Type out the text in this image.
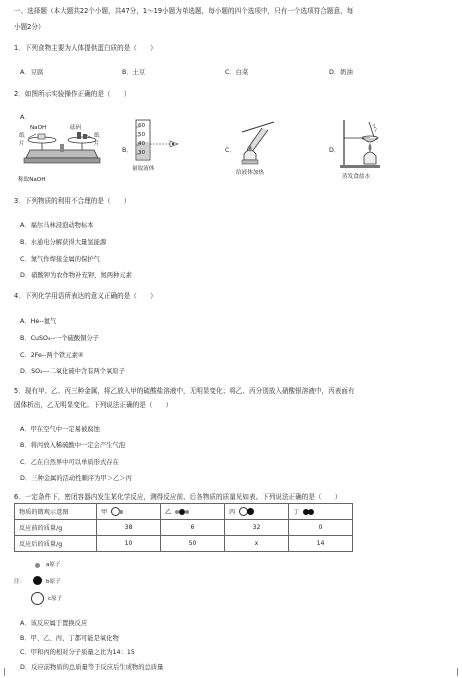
一、选择题（本大题共22个小题，共47分，1～19小题为单选题，每小题的四个选项中，只有一个选项符合题意，每
小题2分）
1．下列食物主要为人体提供蛋白质的是（　　）
A．豆腐	B．土豆	C．白菜	D．奶油
2．如图所示实验操作正确的是（　　）
A．
NaOH
纸
片
砝码
纸
片
称取NaOH
B．
60
50
40
30
量取液体
C．
给液体加热
D．
蒸发食盐水
3．下列物质的利用不合理的是（　　）
A．福尔马林浸泡动物标本
B．水通电分解获得大量氢能源
C．氮气作焊接金属的保护气
D．硝酸钾为农作物补充钾、氮两种元素
4．下列化学用语所表达的意义正确的是（　　）
A．He--氦气
B．CuSO₄--一个硫酸铜分子
C．2Fe--两个铁元素④
D．SO₂---二氧化硫中含有两个氧原子
5．现有甲、乙、丙三种金属，将乙放入甲的硫酸盐溶液中，无明显变化；将乙、丙分别放入硝酸银溶液中，丙表面有
固体析出，乙无明显变化。下列说法正确的是（　　）
A．甲在空气中一定易被腐蚀
B．将丙放入稀硫酸中一定会产生气泡
C．乙在自然界中可以单质形式存在
D．三种金属的活动性顺序为甲＞乙＞丙
6．一定条件下，密闭容器内发生某化学反应，测得反应前、后各物质的质量见如表。下列说法正确的是（　　）
物质的微观示意图	甲	乙	丙	丁
反应前的质量/g	38	6	32	0
反应后的质量/g	10	50	x	14
a原子
注：	b原子
c原子
A．该反应属于置换反应
B．甲、乙、丙、丁都可能是氧化物
C．甲和丙的相对分子质量之比为14：15
D．反应前物质的总质量等于反应后生成物的总质量
